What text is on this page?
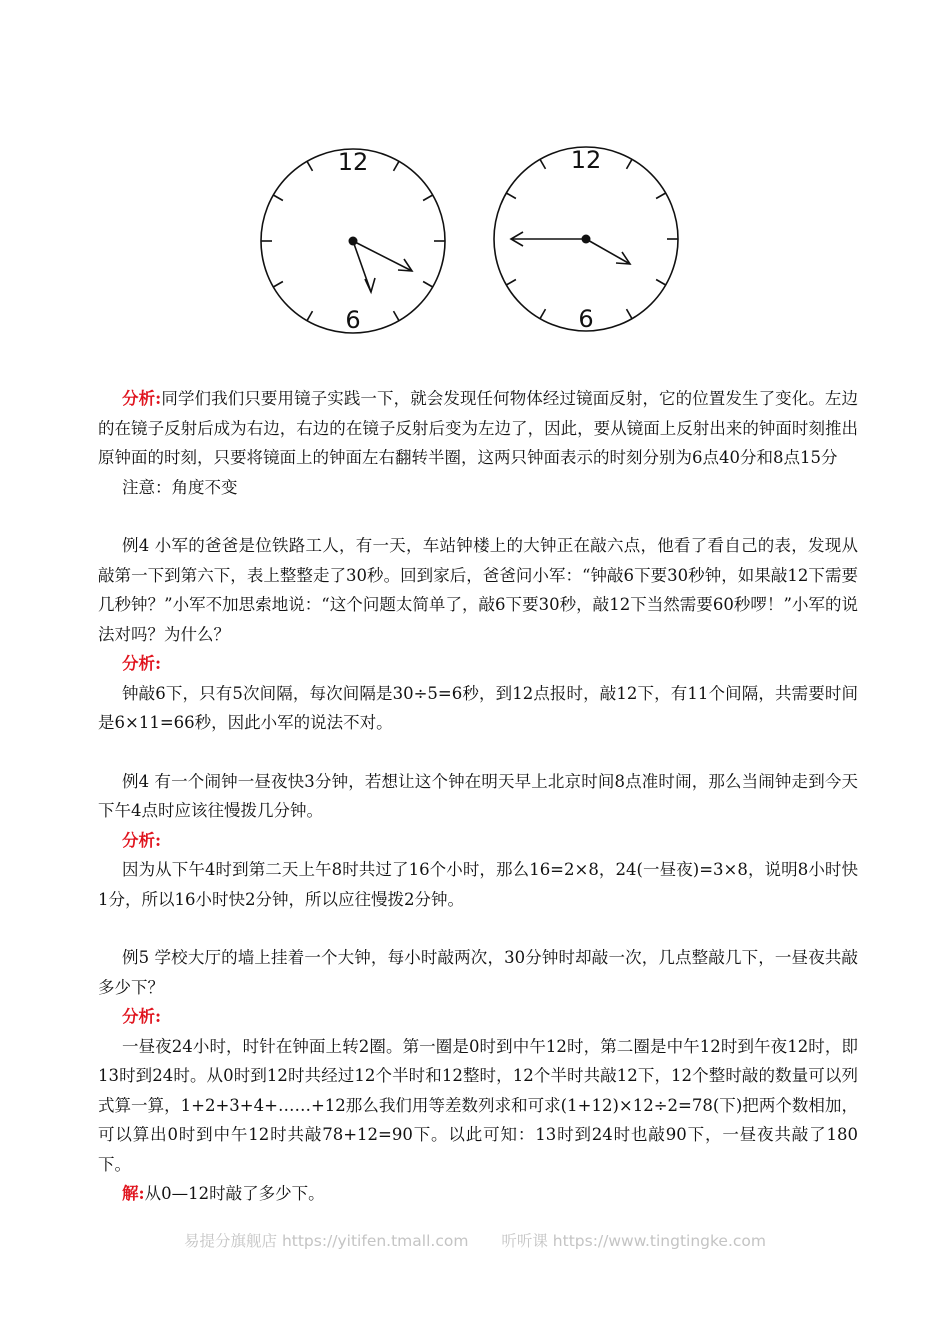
12
6
12
6

分析:同学们我们只要用镜子实践一下，就会发现任何物体经过镜面反射，它的位置发生了变化。左边的在镜子反射后成为右边，右边的在镜子反射后变为左边了，因此，要从镜面上反射出来的钟面时刻推出原钟面的时刻，只要将镜面上的钟面左右翻转半圈，这两只钟面表示的时刻分别为6点40分和8点15分

注意：角度不变

例4 小军的爸爸是位铁路工人，有一天，车站钟楼上的大钟正在敲六点，他看了看自己的表，发现从敲第一下到第六下，表上整整走了30秒。回到家后，爸爸问小军：“钟敲6下要30秒钟，如果敲12下需要几秒钟？”小军不加思索地说：“这个问题太简单了，敲6下要30秒，敲12下当然需要60秒啰！”小军的说法对吗？为什么？

分析:

钟敲6下，只有5次间隔，每次间隔是30÷5=6秒，到12点报时，敲12下，有11个间隔，共需要时间是6×11=66秒，因此小军的说法不对。

例4 有一个闹钟一昼夜快3分钟，若想让这个钟在明天早上北京时间8点准时闹，那么当闹钟走到今天下午4点时应该往慢拨几分钟。

分析:

因为从下午4时到第二天上午8时共过了16个小时，那么16=2×8，24(一昼夜)=3×8，说明8小时快1分，所以16小时快2分钟，所以应往慢拨2分钟。

例5 学校大厅的墙上挂着一个大钟，每小时敲两次，30分钟时却敲一次，几点整敲几下，一昼夜共敲多少下？

分析:

一昼夜24小时，时针在钟面上转2圈。第一圈是0时到中午12时，第二圈是中午12时到午夜12时，即13时到24时。从0时到12时共经过12个半时和12整时，12个半时共敲12下，12个整时敲的数量可以列式算一算，1+2+3+4+……+12那么我们用等差数列求和可求(1+12)×12÷2=78(下)把两个数相加，可以算出0时到中午12时共敲78+12=90下。以此可知：13时到24时也敲90下，一昼夜共敲了180下。

解:从0—12时敲了多少下。

易提分旗舰店 https://yitifen.tmall.com 听听课 https://www.tingtingke.com
